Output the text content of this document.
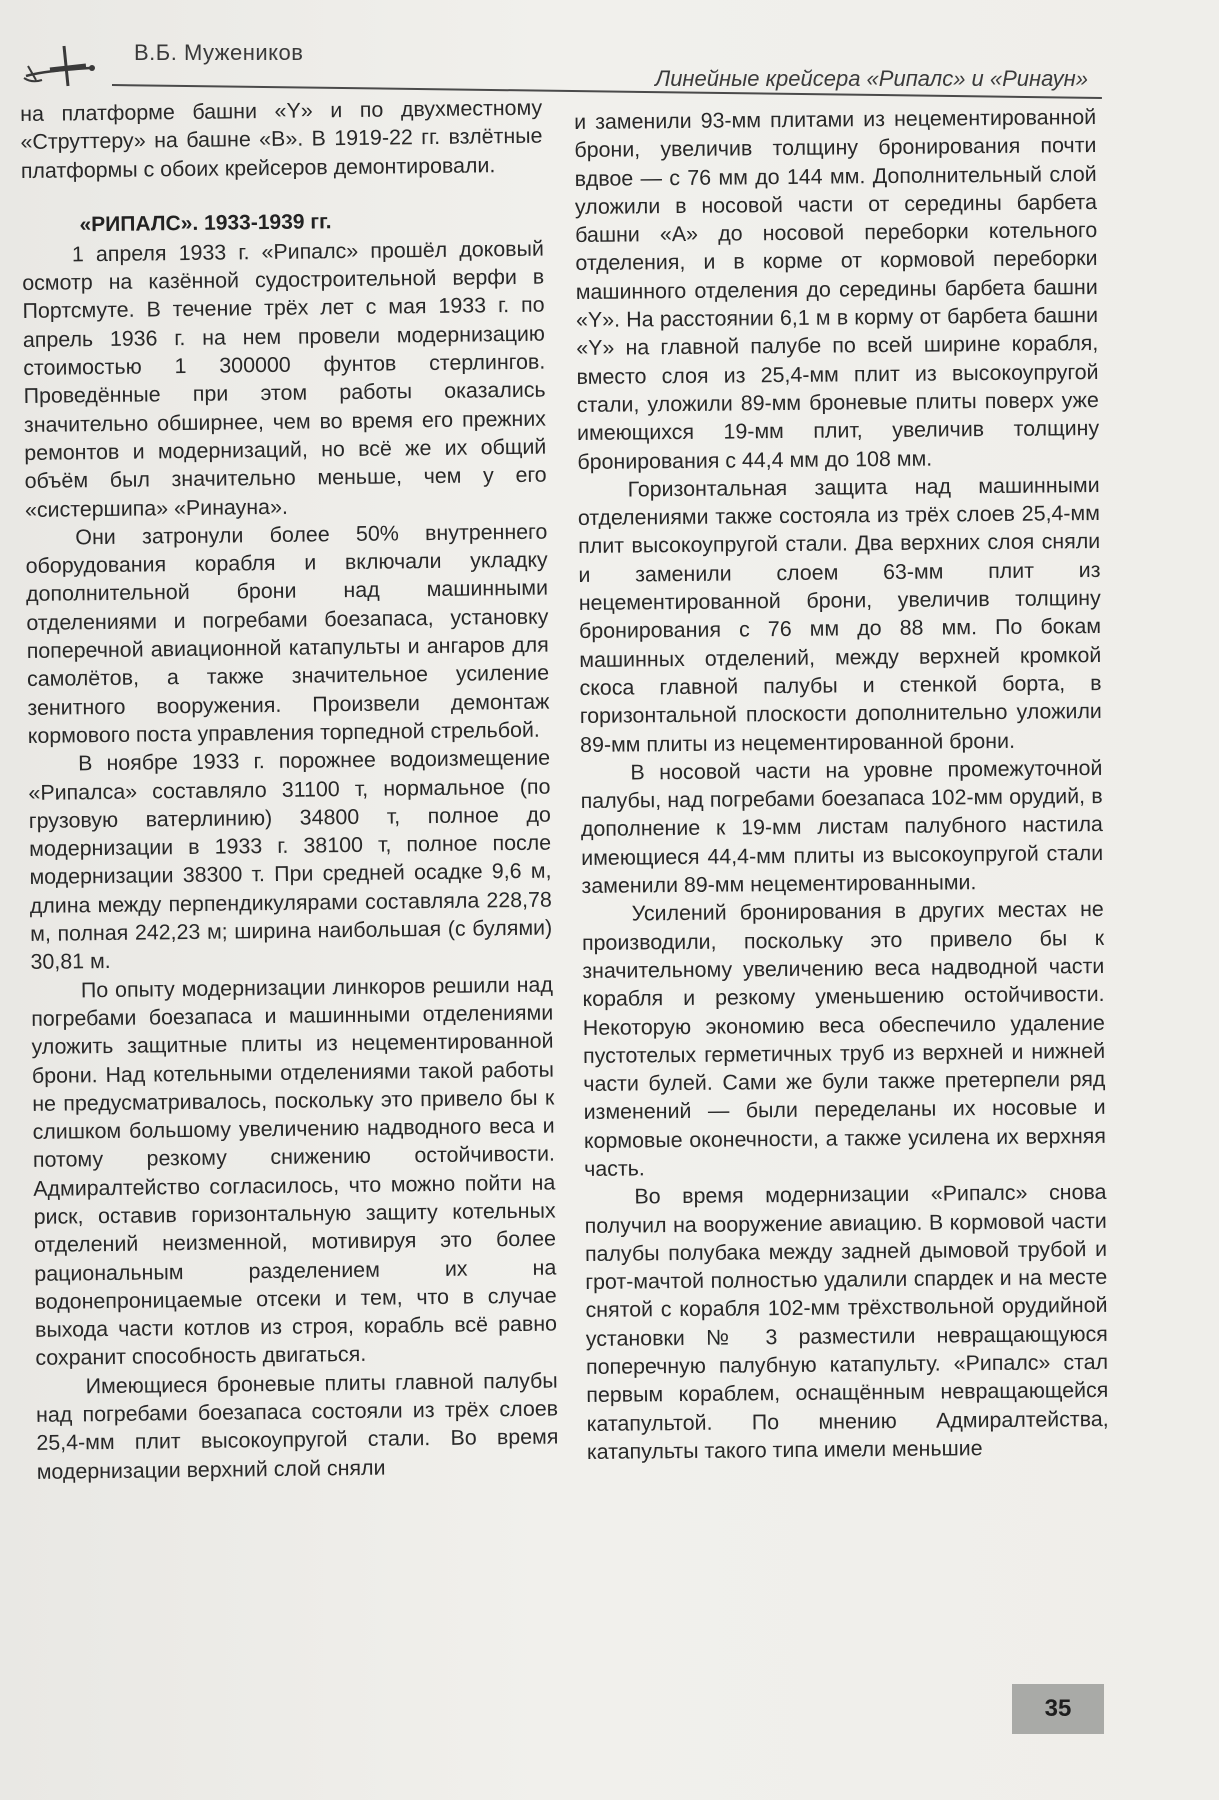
В.Б. Мужеников
Линейные крейсера «Рипалс» и «Ринаун»

на платформе башни «Y» и по двухместному «Струттеру» на башне «B». В 1919-22 гг. взлётные платформы с обоих крейсеров демонтировали.

«РИПАЛС». 1933-1939 гг.

1 апреля 1933 г. «Рипалс» прошёл доковый осмотр на казённой судостроительной верфи в Портсмуте. В течение трёх лет с мая 1933 г. по апрель 1936 г. на нем провели модернизацию стоимостью 1 300000 фунтов стерлингов. Проведённые при этом работы оказались значительно обширнее, чем во время его прежних ремонтов и модернизаций, но всё же их общий объём был значительно меньше, чем у его «систершипа» «Ринауна».

Они затронули более 50% внутреннего оборудования корабля и включали укладку дополнительной брони над машинными отделениями и погребами боезапаса, установку поперечной авиационной катапульты и ангаров для самолётов, а также значительное усиление зенитного вооружения. Произвели демонтаж кормового поста управления торпедной стрельбой.

В ноябре 1933 г. порожнее водоизмещение «Рипалса» составляло 31100 т, нормальное (по грузовую ватерлинию) 34800 т, полное до модернизации в 1933 г. 38100 т, полное после модернизации 38300 т. При средней осадке 9,6 м, длина между перпендикулярами составляла 228,78 м, полная 242,23 м; ширина наибольшая (с булями) 30,81 м.

По опыту модернизации линкоров решили над погребами боезапаса и машинными отделениями уложить защитные плиты из нецементированной брони. Над котельными отделениями такой работы не предусматривалось, поскольку это привело бы к слишком большому увеличению надводного веса и потому резкому снижению остойчивости. Адмиралтейство согласилось, что можно пойти на риск, оставив горизонтальную защиту котельных отделений неизменной, мотивируя это более рациональным разделением их на водонепроницаемые отсеки и тем, что в случае выхода части котлов из строя, корабль всё равно сохранит способность двигаться.

Имеющиеся броневые плиты главной палубы над погребами боезапаса состояли из трёх слоев 25,4-мм плит высокоупругой стали. Во время модернизации верхний слой сняли

и заменили 93-мм плитами из нецементированной брони, увеличив толщину бронирования почти вдвое — с 76 мм до 144 мм. Дополнительный слой уложили в носовой части от середины барбета башни «А» до носовой переборки котельного отделения, и в корме от кормовой переборки машинного отделения до середины барбета башни «Y». На расстоянии 6,1 м в корму от барбета башни «Y» на главной палубе по всей ширине корабля, вместо слоя из 25,4-мм плит из высокоупругой стали, уложили 89-мм броневые плиты поверх уже имеющихся 19-мм плит, увеличив толщину бронирования с 44,4 мм до 108 мм.

Горизонтальная защита над машинными отделениями также состояла из трёх слоев 25,4-мм плит высокоупругой стали. Два верхних слоя сняли и заменили слоем 63-мм плит из нецементированной брони, увеличив толщину бронирования с 76 мм до 88 мм. По бокам машинных отделений, между верхней кромкой скоса главной палубы и стенкой борта, в горизонтальной плоскости дополнительно уложили 89-мм плиты из нецементированной брони.

В носовой части на уровне промежуточной палубы, над погребами боезапаса 102-мм орудий, в дополнение к 19-мм листам палубного настила имеющиеся 44,4-мм плиты из высокоупругой стали заменили 89-мм нецементированными.

Усилений бронирования в других местах не производили, поскольку это привело бы к значительному увеличению веса надводной части корабля и резкому уменьшению остойчивости. Некоторую экономию веса обеспечило удаление пустотелых герметичных труб из верхней и нижней части булей. Сами же були также претерпели ряд изменений — были переделаны их носовые и кормовые оконечности, а также усилена их верхняя часть.

Во время модернизации «Рипалс» снова получил на вооружение авиацию. В кормовой части палубы полубака между задней дымовой трубой и грот-мачтой полностью удалили спардек и на месте снятой с корабля 102-мм трёхствольной орудийной установки № 3 разместили невращающуюся поперечную палубную катапульту. «Рипалс» стал первым кораблем, оснащённым невращающейся катапультой. По мнению Адмиралтейства, катапульты такого типа имели меньшие

35
